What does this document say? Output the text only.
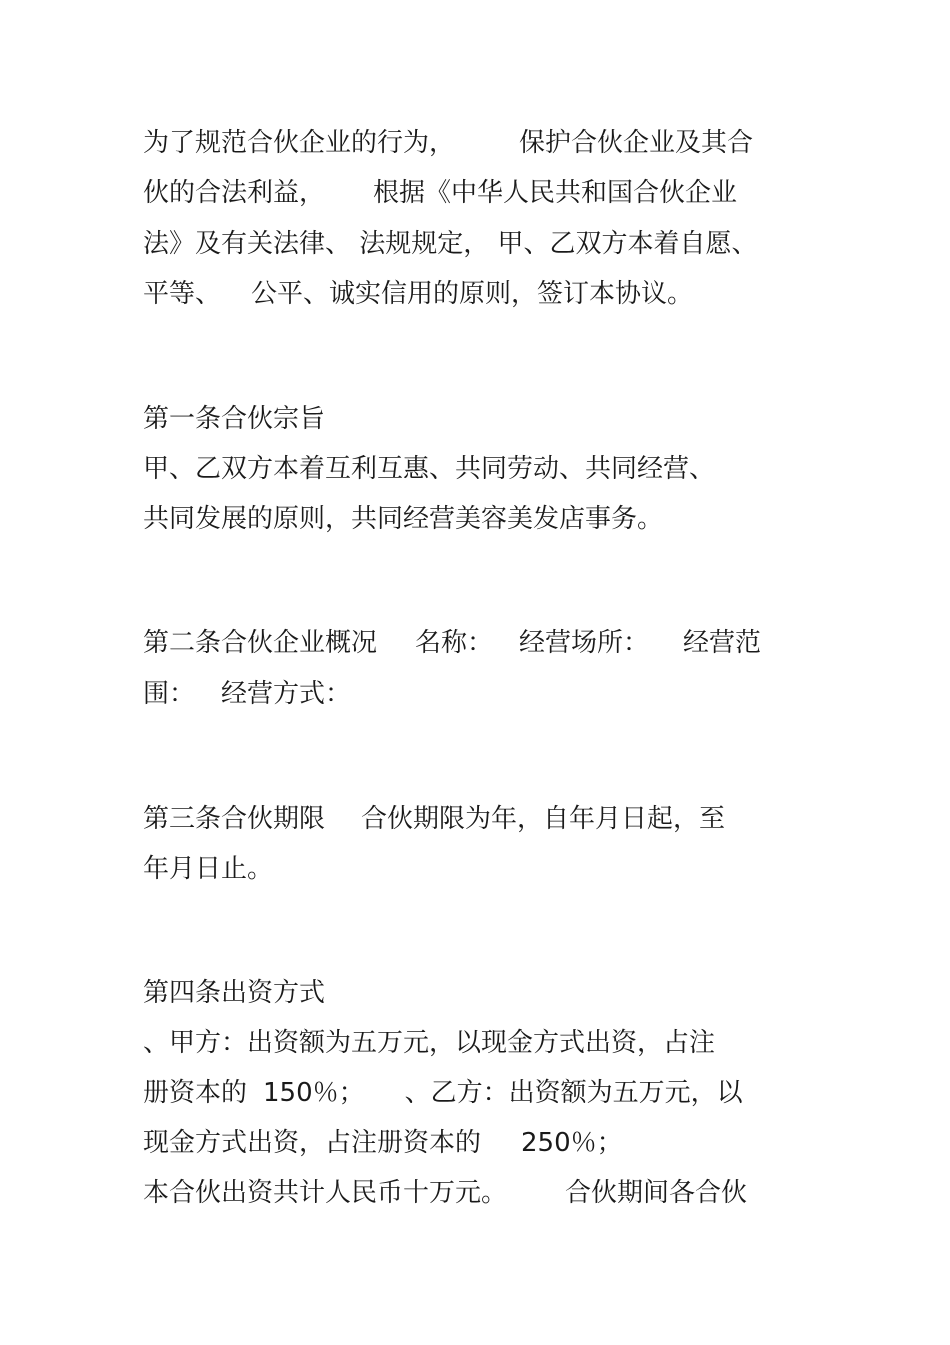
为了规范合伙企业的行为， 保护合伙企业及其合
伙的合法利益， 根据《中华人民共和国合伙企业
法》及有关法律、 法规规定， 甲、乙双方本着自愿、
平等、 公平、诚实信用的原则，签订本协议。
第一条合伙宗旨
甲、乙双方本着互利互惠、共同劳动、共同经营、
共同发展的原则，共同经营美容美发店事务。
第二条合伙企业概况 名称： 经营场所： 经营范
围： 经营方式：
第三条合伙期限 合伙期限为年，自年月日起，至
年月日止。
第四条出资方式
、甲方：出资额为五万元，以现金方式出资，占注
册资本的 150％； 、乙方：出资额为五万元，以
现金方式出资，占注册资本的 250％；
本合伙出资共计人民币十万元。 合伙期间各合伙
